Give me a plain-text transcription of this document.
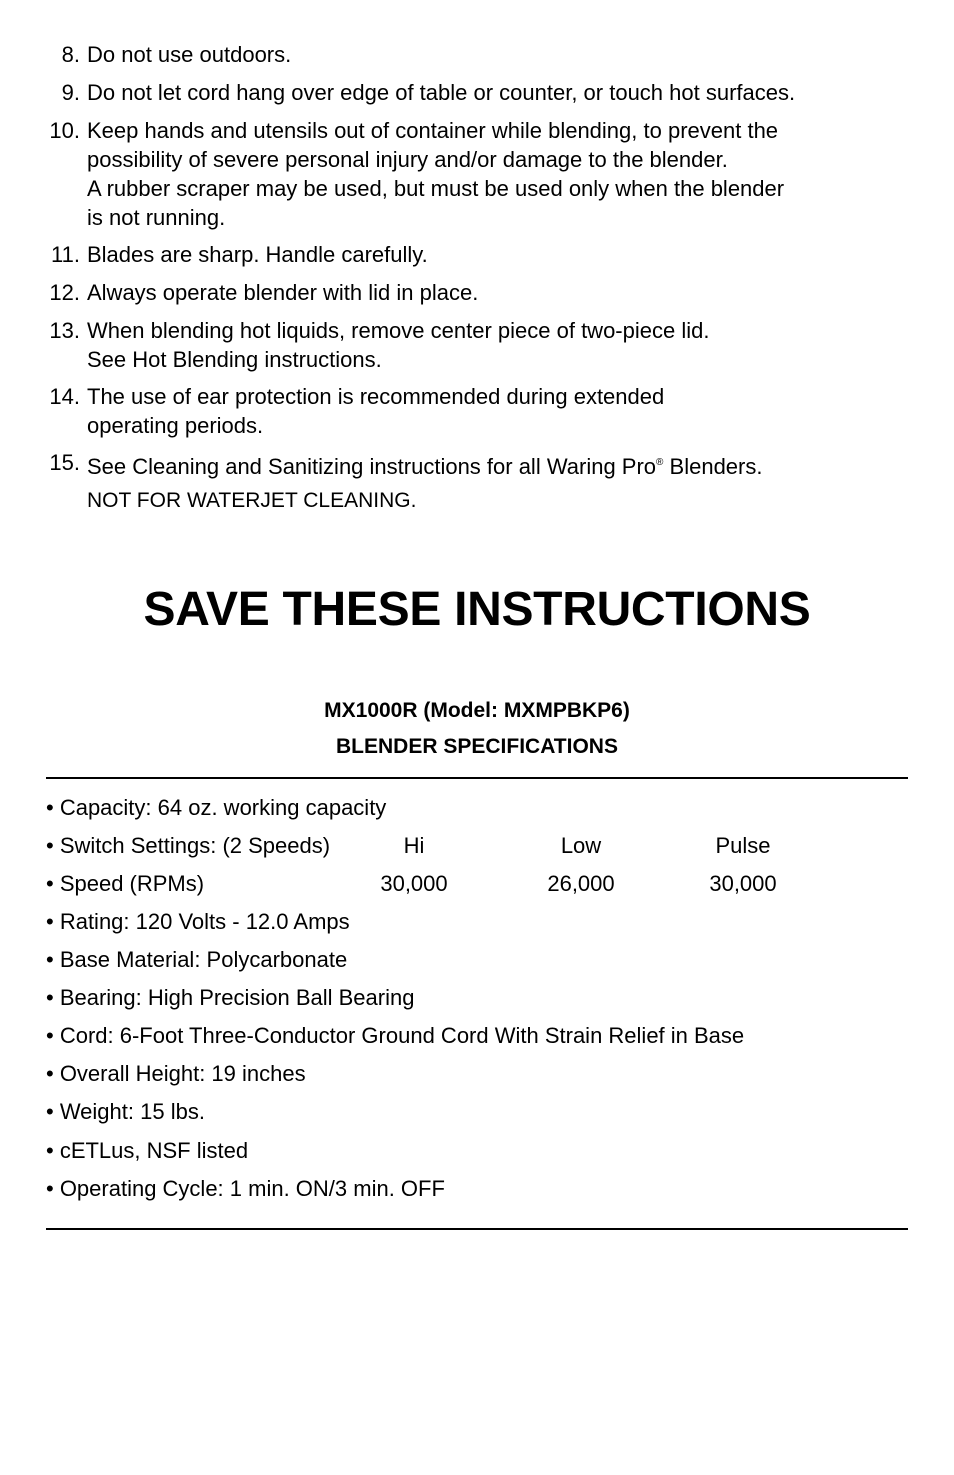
8. Do not use outdoors.
9. Do not let cord hang over edge of table or counter, or touch hot surfaces.
10. Keep hands and utensils out of container while blending, to prevent the
possibility of severe personal injury and/or damage to the blender.
A rubber scraper may be used, but must be used only when the blender
is not running.
11. Blades are sharp. Handle carefully.
12. Always operate blender with lid in place.
13. When blending hot liquids, remove center piece of two-piece lid.
See Hot Blending instructions.
14. The use of ear protection is recommended during extended
operating periods.
15. See Cleaning and Sanitizing instructions for all Waring Pro® Blenders.
NOT FOR WATERJET CLEANING.
SAVE THESE INSTRUCTIONS
MX1000R (Model: MXMPBKP6)
BLENDER SPECIFICATIONS
• Capacity: 64 oz. working capacity
• Switch Settings: (2 Speeds)	Hi	Low	Pulse
• Speed (RPMs)	30,000	26,000	30,000
• Rating: 120 Volts - 12.0 Amps
• Base Material: Polycarbonate
• Bearing: High Precision Ball Bearing
• Cord: 6-Foot Three-Conductor Ground Cord With Strain Relief in Base
• Overall Height: 19 inches
• Weight: 15 lbs.
• cETLus, NSF listed
• Operating Cycle: 1 min. ON/3 min. OFF
